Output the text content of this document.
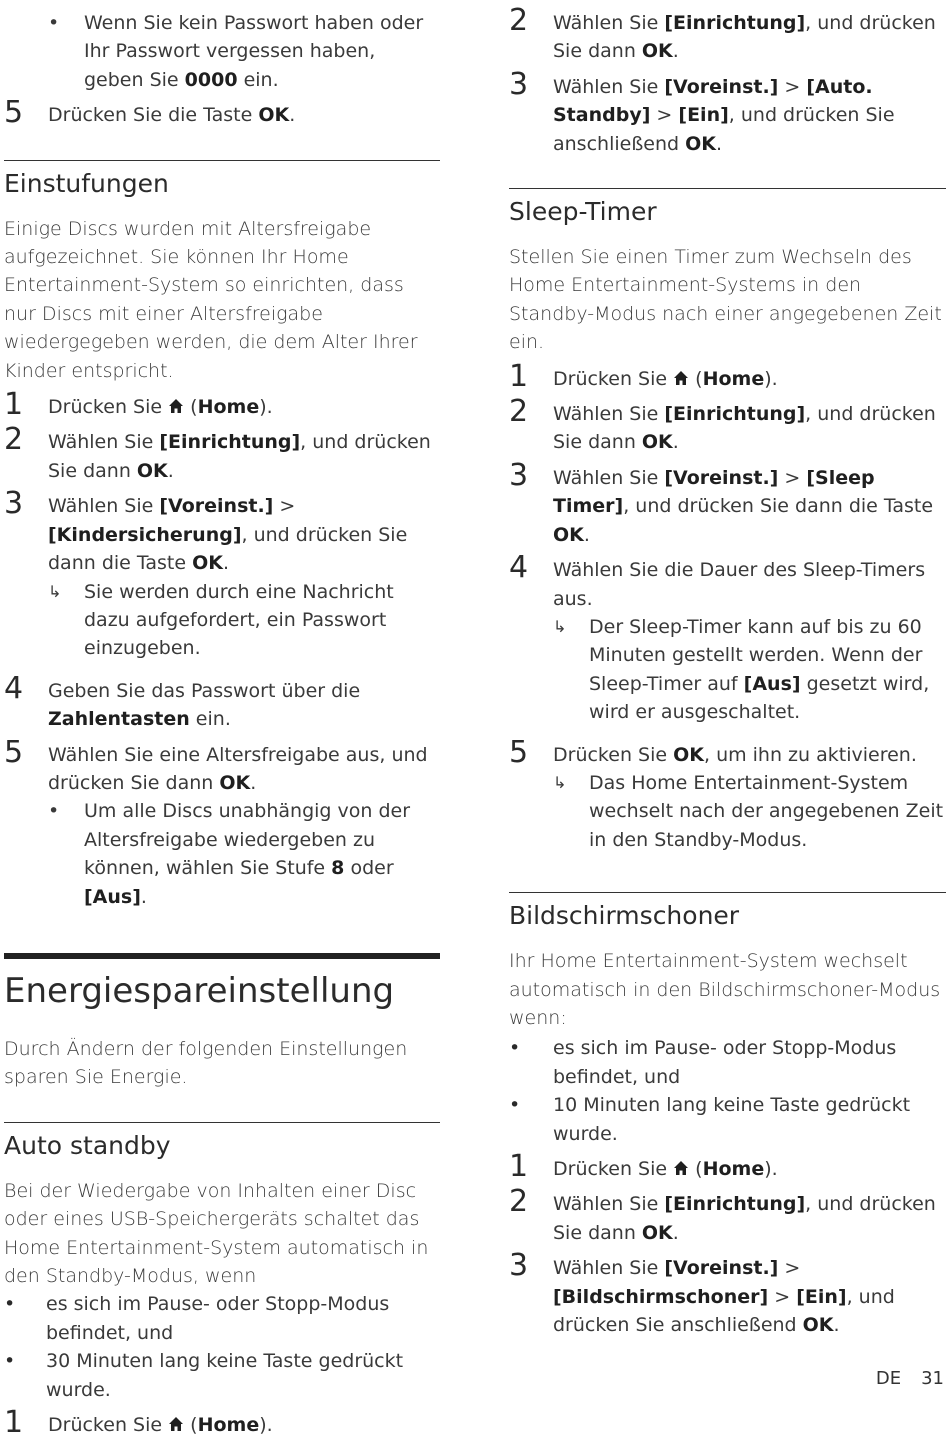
• Wenn Sie kein Passwort haben oder Ihr Passwort vergessen haben, geben Sie 0000 ein.
5 Drücken Sie die Taste OK.
Einstufungen

Einige Discs wurden mit Altersfreigabe aufgezeichnet. Sie können Ihr Home Entertainment-System so einrichten, dass nur Discs mit einer Altersfreigabe wiedergegeben werden, die dem Alter Ihrer Kinder entspricht.

1 Drücken Sie  (Home).
2 Wählen Sie [Einrichtung], und drücken Sie dann OK.
3 Wählen Sie [Voreinst.] > [Kindersicherung], und drücken Sie dann die Taste OK.
↳ Sie werden durch eine Nachricht dazu aufgefordert, ein Passwort einzugeben.
4 Geben Sie das Passwort über die Zahlentasten ein.
5 Wählen Sie eine Altersfreigabe aus, und drücken Sie dann OK.
• Um alle Discs unabhängig von der Altersfreigabe wiedergeben zu können, wählen Sie Stufe 8 oder [Aus].
Energiespareinstellung

Durch Ändern der folgenden Einstellungen sparen Sie Energie.

Auto standby

Bei der Wiedergabe von Inhalten einer Disc oder eines USB-Speichergeräts schaltet das Home Entertainment-System automatisch in den Standby-Modus, wenn

• es sich im Pause- oder Stopp-Modus befindet, und
• 30 Minuten lang keine Taste gedrückt wurde.
1 Drücken Sie  (Home).
2 Wählen Sie [Einrichtung], und drücken Sie dann OK.
3 Wählen Sie [Voreinst.] > [Auto. Standby] > [Ein], und drücken Sie anschließend OK.
Sleep-Timer

Stellen Sie einen Timer zum Wechseln des Home Entertainment-Systems in den Standby-Modus nach einer angegebenen Zeit ein.

1 Drücken Sie  (Home).
2 Wählen Sie [Einrichtung], und drücken Sie dann OK.
3 Wählen Sie [Voreinst.] > [Sleep Timer], und drücken Sie dann die Taste OK.
4 Wählen Sie die Dauer des Sleep-Timers aus.
↳ Der Sleep-Timer kann auf bis zu 60 Minuten gestellt werden. Wenn der Sleep-Timer auf [Aus] gesetzt wird, wird er ausgeschaltet.
5 Drücken Sie OK, um ihn zu aktivieren.
↳ Das Home Entertainment-System wechselt nach der angegebenen Zeit in den Standby-Modus.
Bildschirmschoner

Ihr Home Entertainment-System wechselt automatisch in den Bildschirmschoner-Modus wenn:

• es sich im Pause- oder Stopp-Modus befindet, und
• 10 Minuten lang keine Taste gedrückt wurde.
1 Drücken Sie  (Home).
2 Wählen Sie [Einrichtung], und drücken Sie dann OK.
3 Wählen Sie [Voreinst.] > [Bildschirmschoner] > [Ein], und drücken Sie anschließend OK.
DE 31
